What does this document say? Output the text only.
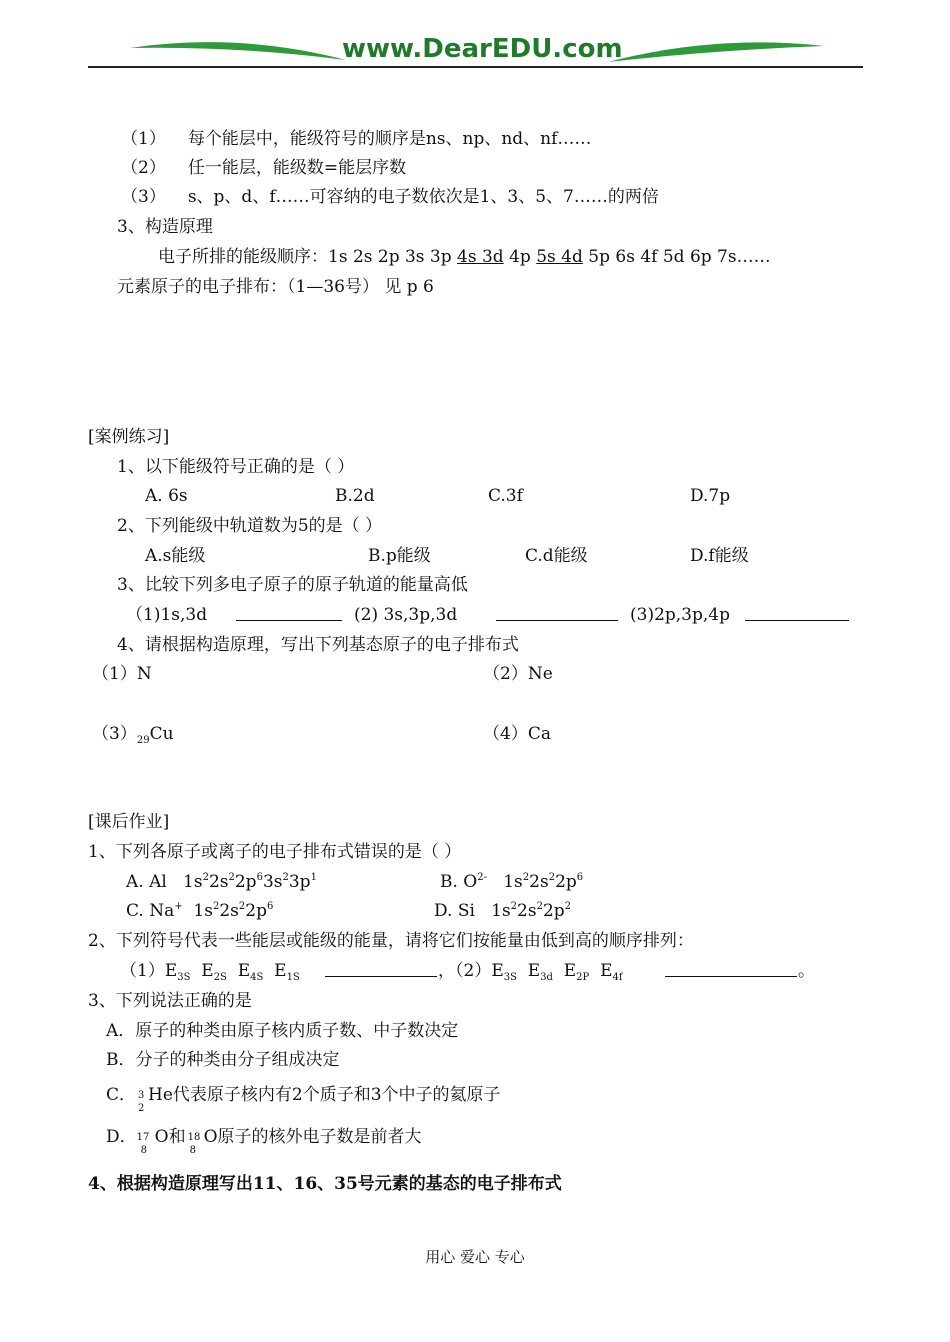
www.DearEDU.com
（1） 每个能层中，能级符号的顺序是ns、np、nd、nf……
（2） 任一能层，能级数=能层序数
（3） s、p、d、f……可容纳的电子数依次是1、3、5、7……的两倍
3、构造原理
电子所排的能级顺序：1s 2s 2p 3s 3p 4s 3d 4p 5s 4d 5p 6s 4f 5d 6p 7s……
元素原子的电子排布：（1—36号） 见 p 6
[案例练习]
1、以下能级符号正确的是（ ）
A. 6s	B.2d	C.3f	D.7p
2、下列能级中轨道数为5的是（ ）
A.s能级	B.p能级	C.d能级	D.f能级
3、比较下列多电子原子的原子轨道的能量高低
（1)1s,3d	(2) 3s,3p,3d	(3)2p,3p,4p
4、请根据构造原理，写出下列基态原子的电子排布式
（1）N	（2）Ne
$(3)_{29}Cu$	（4）Ca
[课后作业]
1、下列各原子或离子的电子排布式错误的是（ ）
A. Al   $1s^22s^22p^63s^23p^1$	B. $O^{2-}$   $1s^22s^22p^6$
C. Na+  $1s^22s^22p^6$	D. Si   $1s^22s^22p^2$
2、下列符号代表一些能层或能级的能量，请将它们按能量由低到高的顺序排列：
$(1)E_{3S}$  $E_{2S}$  $E_{4S}$  $E_{1S}$	，$(2)E_{3S}$  $E_{3d}$  $E_{2P}$  $E_{4f}$	。
3、下列说法正确的是
A．原子的种类由原子核内质子数、中子数决定
B．分子的种类由分子组成决定
C． 3
2
He代表原子核内有2个质子和3个中子的氦原子
D． 17
8
O和 18
8
O原子的核外电子数是前者大
4、根据构造原理写出11、16、35号元素的基态的电子排布式
用心 爱心 专心
